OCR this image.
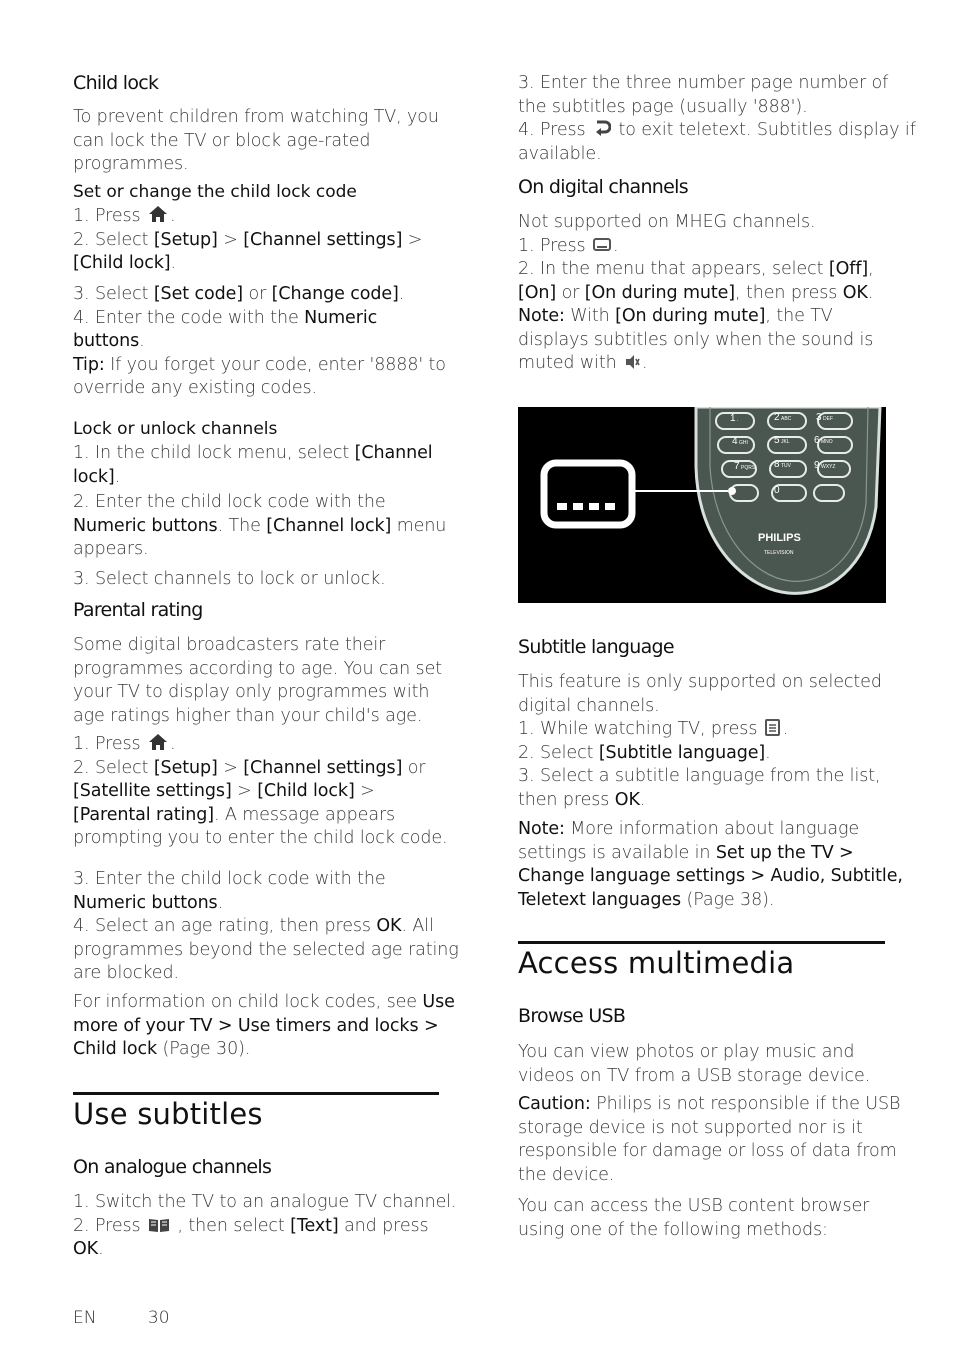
Child lock
To prevent children from watching TV, you
can lock the TV or block age-rated
programmes.
Set or change the child lock code
1. Press .
2. Select [Setup] > [Channel settings] >
[Child lock].
3. Select [Set code] or [Change code].
4. Enter the code with the Numeric
buttons.
Tip: If you forget your code, enter '8888' to
override any existing codes.
Lock or unlock channels
1. In the child lock menu, select [Channel
lock].
2. Enter the child lock code with the
Numeric buttons. The [Channel lock] menu
appears.
3. Select channels to lock or unlock.
Parental rating
Some digital broadcasters rate their
programmes according to age. You can set
your TV to display only programmes with
age ratings higher than your child's age.
1. Press .
2. Select [Setup] > [Channel settings] or
[Satellite settings] > [Child lock] >
[Parental rating]. A message appears
prompting you to enter the child lock code.
3. Enter the child lock code with the
Numeric buttons.
4. Select an age rating, then press OK. All
programmes beyond the selected age rating
are blocked.
For information on child lock codes, see Use
more of your TV > Use timers and locks >
Child lock (Page 30).
Use subtitles
On analogue channels
1. Switch the TV to an analogue TV channel.
2. Press , then select [Text] and press
OK.
3. Enter the three number page number of
the subtitles page (usually '888').
4. Press to exit teletext. Subtitles display if
available.
On digital channels
Not supported on MHEG channels.
1. Press .
2. In the menu that appears, select [Off],
[On] or [On during mute], then press OK.
Note: With [On during mute], the TV
displays subtitles only when the sound is
muted with .
Subtitle language
This feature is only supported on selected
digital channels.
1. While watching TV, press .
2. Select [Subtitle language].
3. Select a subtitle language from the list,
then press OK.
Note: More information about language
settings is available in Set up the TV >
Change language settings > Audio, Subtitle,
Teletext languages (Page 38).
Access multimedia
Browse USB
You can view photos or play music and
videos on TV from a USB storage device.
Caution: Philips is not responsible if the USB
storage device is not supported nor is it
responsible for damage or loss of data from
the device.
You can access the USB content browser
using one of the following methods:
1 .	2 ABC 3 DEF
4 GHI	5 JKL 6 MNO
7 PQRS 8 TUV 9 WXYZ
0
PHILIPS
TELEVISION
EN	30
